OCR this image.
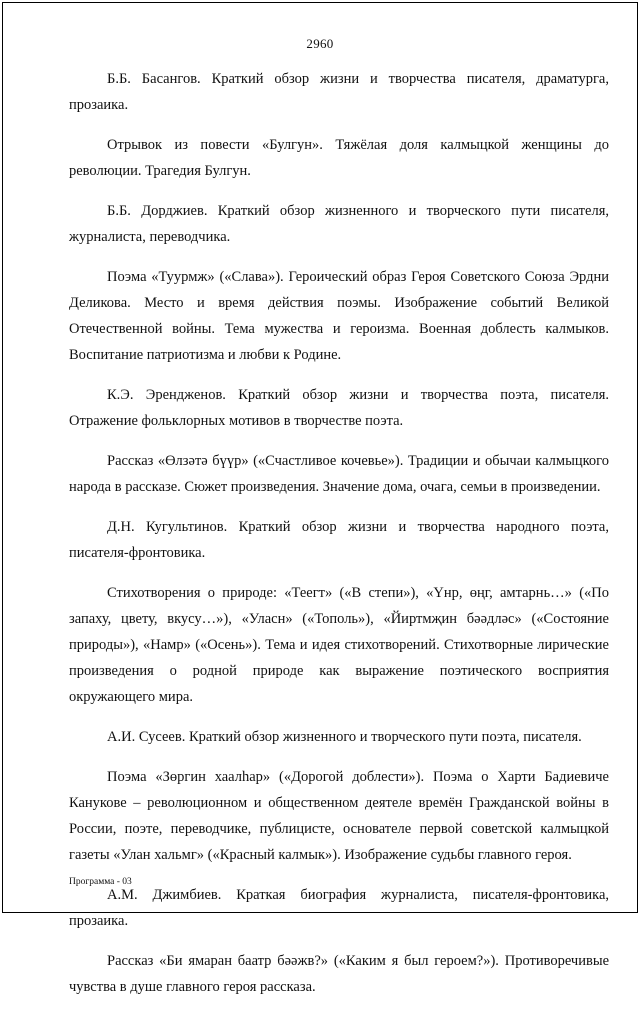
2960

Б.Б. Басангов. Краткий обзор жизни и творчества писателя, драматурга, прозаика.

Отрывок из повести «Булгун». Тяжёлая доля калмыцкой женщины до революции. Трагедия Булгун.

Б.Б. Дорджиев. Краткий обзор жизненного и творческого пути писателя, журналиста, переводчика.

Поэма «Туурмж» («Слава»). Героический образ Героя Советского Союза Эрдни Деликова. Место и время действия поэмы. Изображение событий Великой Отечественной войны. Тема мужества и героизма. Военная доблесть калмыков. Воспитание патриотизма и любви к Родине.

К.Э. Эрендженов. Краткий обзор жизни и творчества поэта, писателя. Отражение фольклорных мотивов в творчестве поэта.

Рассказ «Өлзәтә бүүр» («Счастливое кочевье»). Традиции и обычаи калмыцкого народа в рассказе. Сюжет произведения. Значение дома, очага, семьи в произведении.

Д.Н. Кугультинов. Краткий обзор жизни и творчества народного поэта, писателя-фронтовика.

Стихотворения о природе: «Теегт» («В степи»), «Үнр, өңг, амтарнь…» («По запаху, цвету, вкусу…»), «Уласн» («Тополь»), «Йиртмҗин бәәдләс» («Состояние природы»), «Намр» («Осень»). Тема и идея стихотворений. Стихотворные лирические произведения о родной природе как выражение поэтического восприятия окружающего мира.

А.И. Сусеев. Краткий обзор жизненного и творческого пути поэта, писателя.

Поэма «Зөргин хаалһар» («Дорогой доблести»). Поэма о Харти Бадиевиче Канукове – революционном и общественном деятеле времён Гражданской войны в России, поэте, переводчике, публицисте, основателе первой советской калмыцкой газеты «Улан хальмг» («Красный калмык»). Изображение судьбы главного героя.

А.М. Джимбиев. Краткая биография журналиста, писателя-фронтовика, прозаика.

Рассказ «Би ямаран баатр бәәжв?» («Каким я был героем?»). Противоречивые чувства в душе главного героя рассказа.

Программа - 03
